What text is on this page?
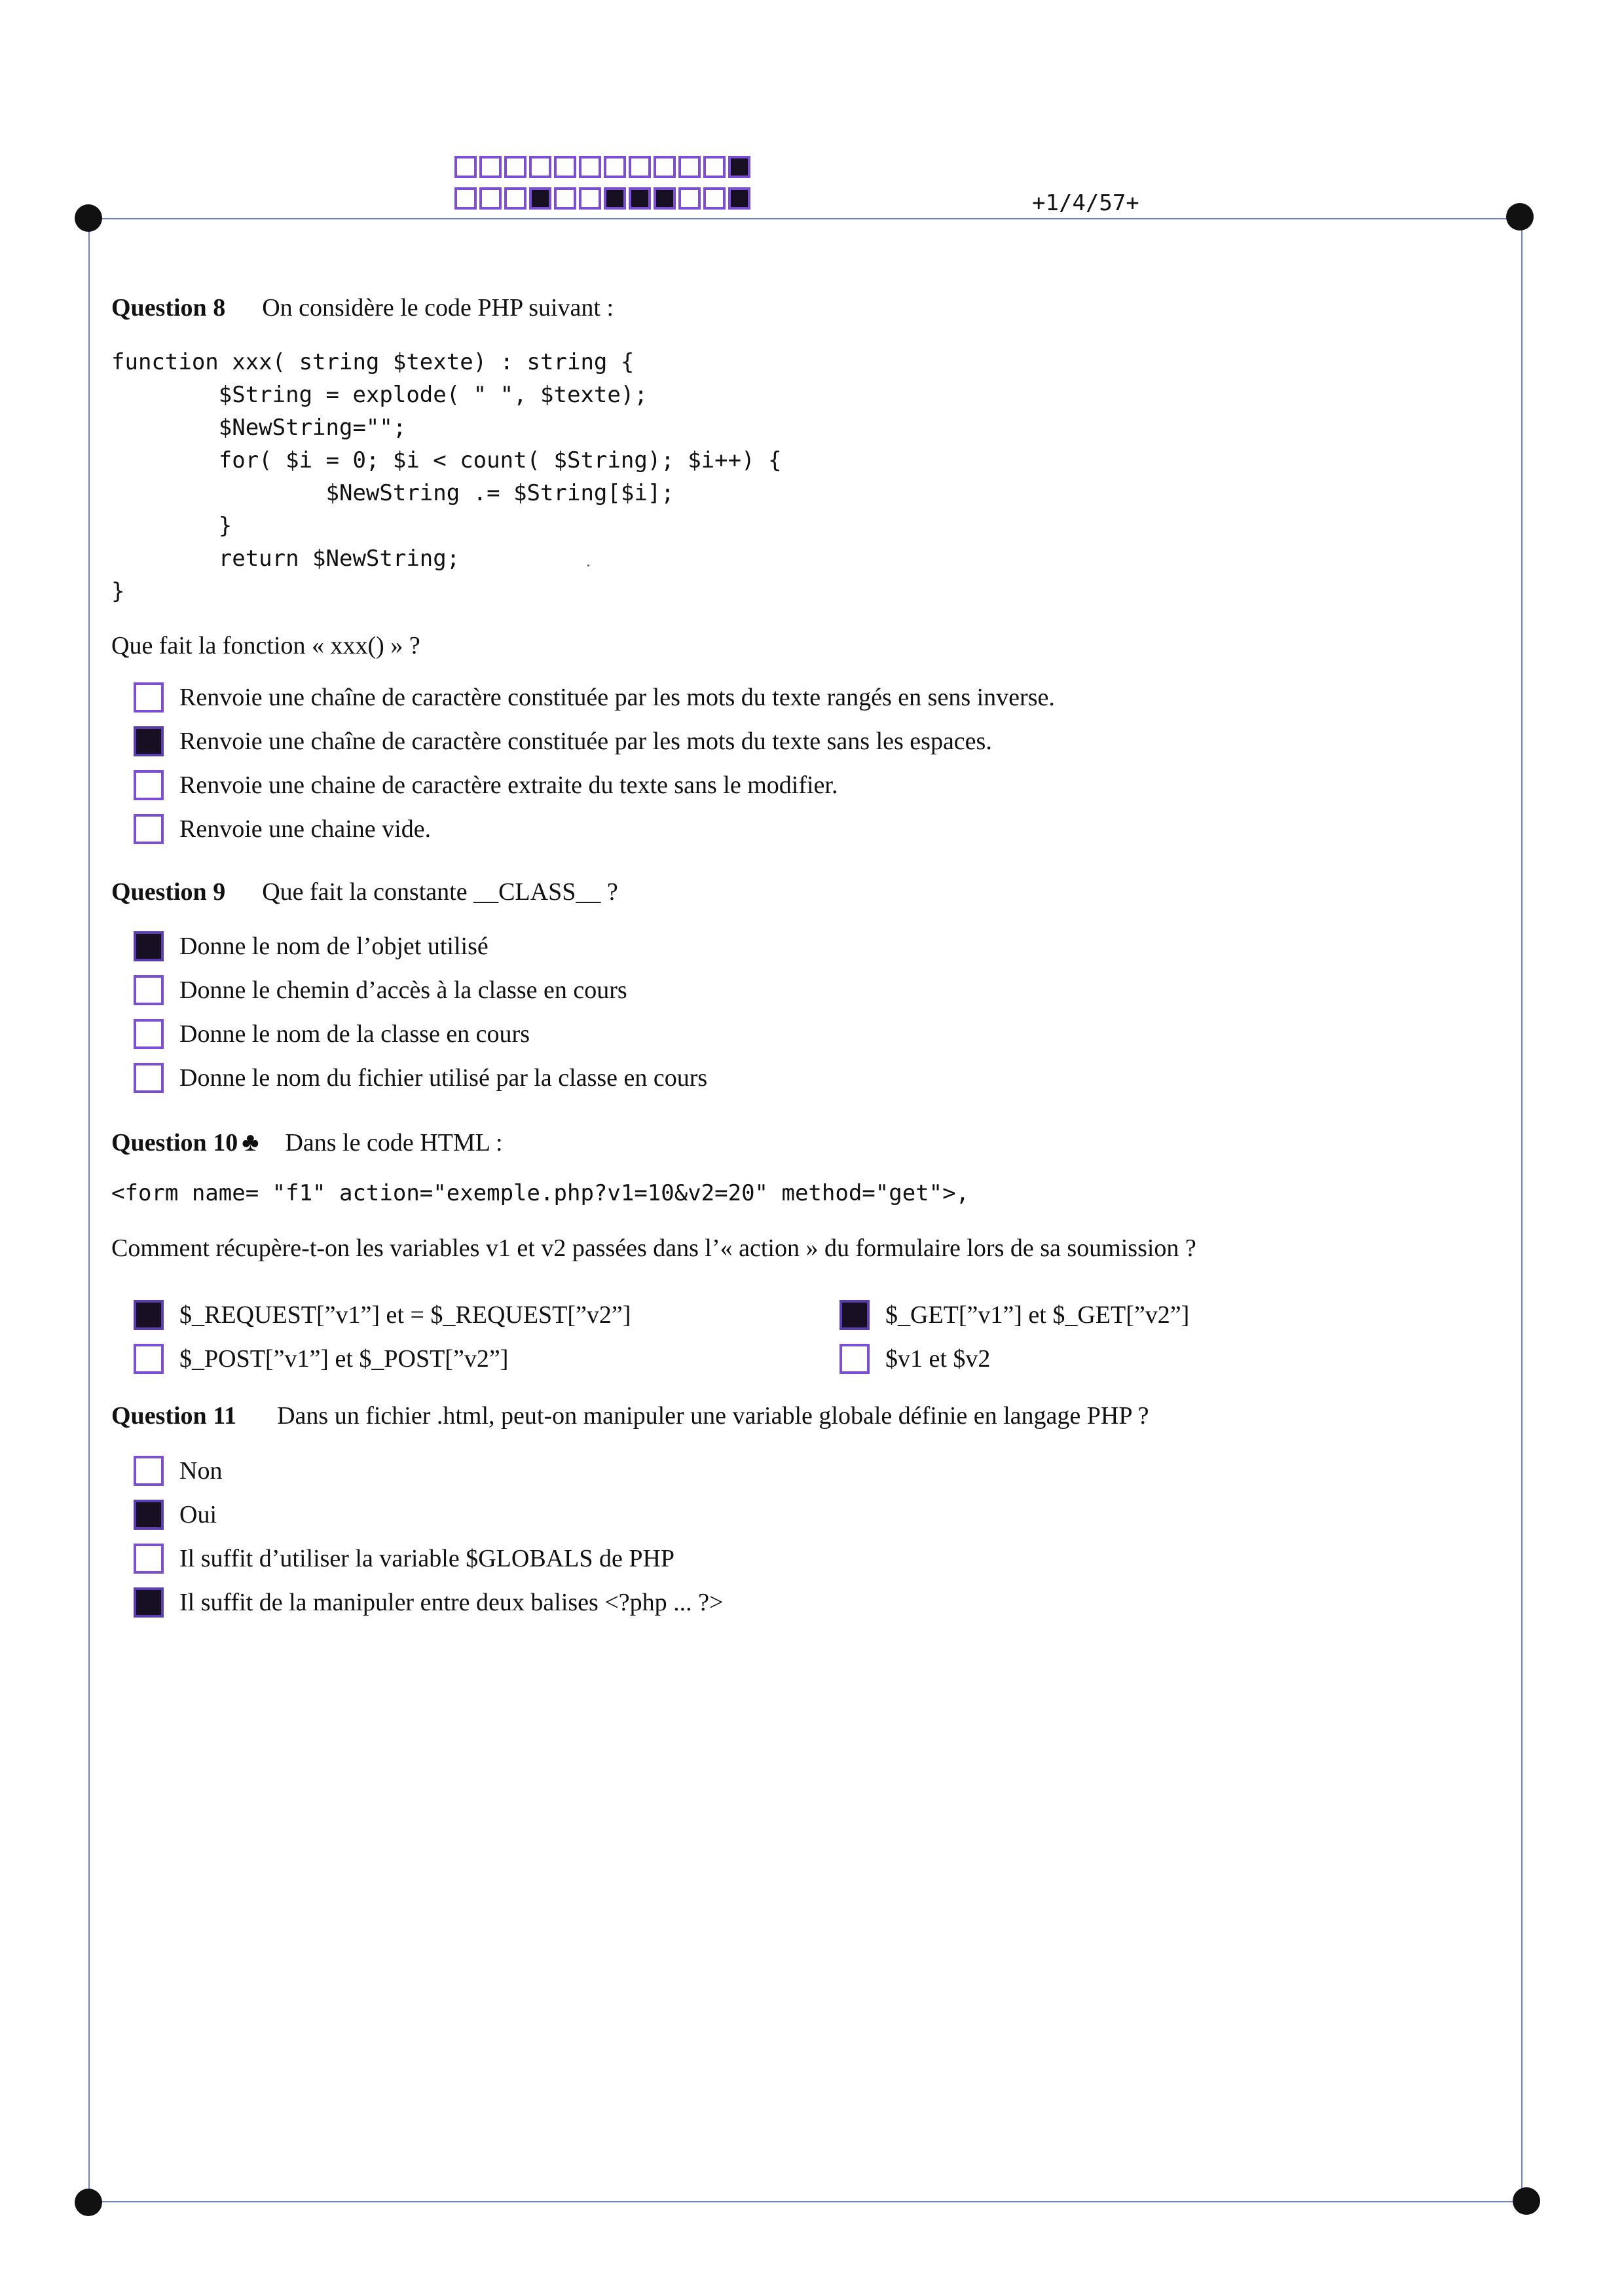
+1/4/57+
Question 8 On considère le code PHP suivant :
function xxx( string $texte) : string {
$String = explode( " ", $texte);
$NewString="";
for( $i = 0; $i < count( $String); $i++) {
$NewString .= $String[$i];
}
return $NewString;
}
Que fait la fonction « xxx() » ?
Renvoie une chaîne de caractère constituée par les mots du texte rangés en sens inverse.
Renvoie une chaîne de caractère constituée par les mots du texte sans les espaces.
Renvoie une chaine de caractère extraite du texte sans le modifier.
Renvoie une chaine vide.
Question 9 Que fait la constante __CLASS__ ?
Donne le nom de l’objet utilisé
Donne le chemin d’accès à la classe en cours
Donne le nom de la classe en cours
Donne le nom du fichier utilisé par la classe en cours
Question 10 ♣ Dans le code HTML :
<form name= "f1" action="exemple.php?v1=10&v2=20" method="get">,
Comment récupère-t-on les variables v1 et v2 passées dans l’« action » du formulaire lors de sa soumission ?
$_REQUEST[”v1”] et = $_REQUEST[”v2”]	$_GET[”v1”] et $_GET[”v2”]
$_POST[”v1”] et $_POST[”v2”]	$v1 et $v2
Question 11 Dans un fichier .html, peut-on manipuler une variable globale définie en langage PHP ?
Non
Oui
Il suffit d’utiliser la variable $GLOBALS de PHP
Il suffit de la manipuler entre deux balises <?php ... ?>
